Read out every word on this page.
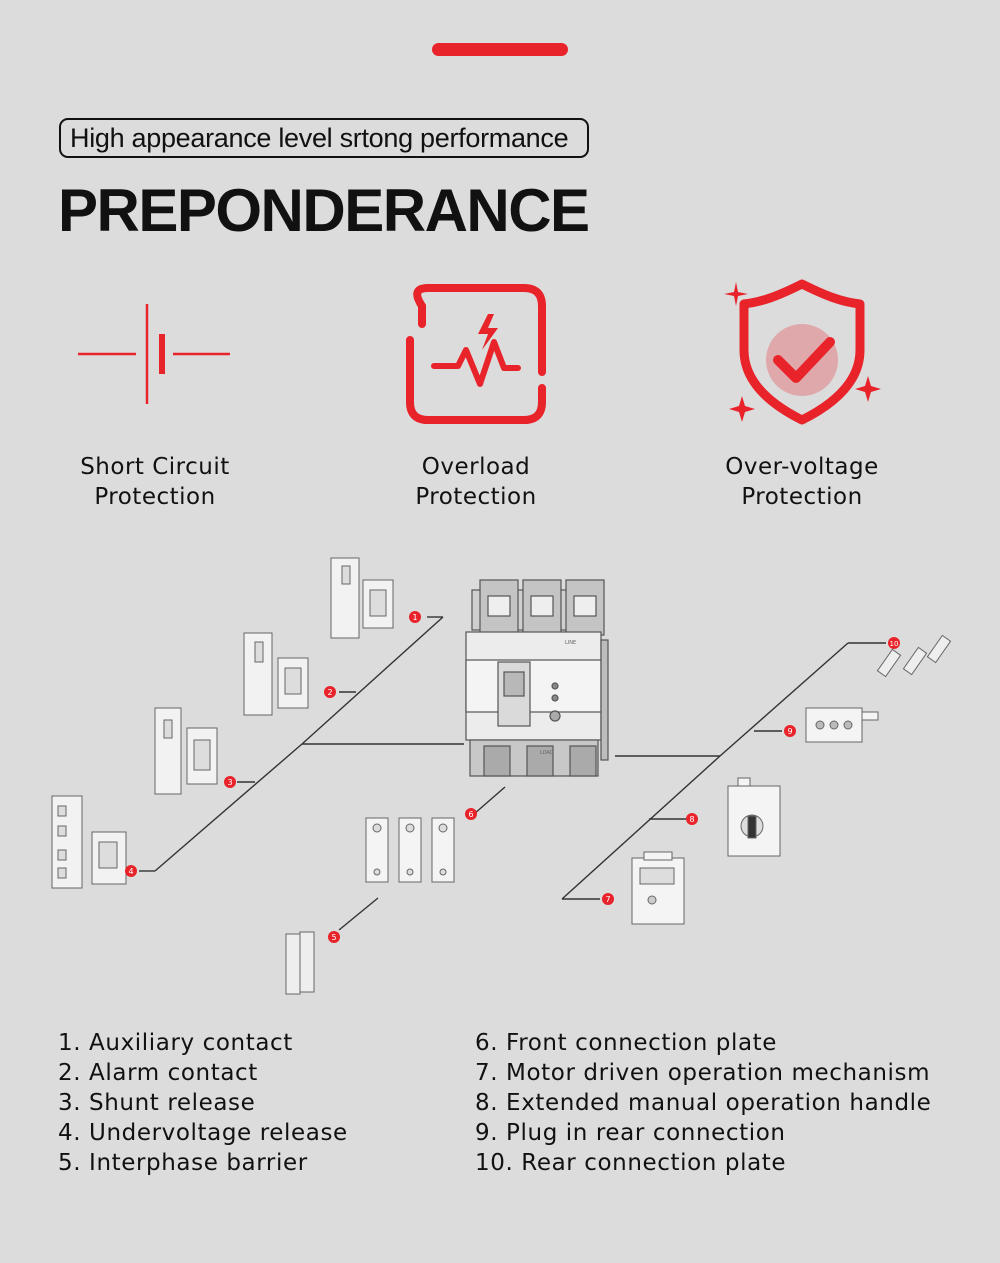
High appearance level srtong performance
PREPONDERANCE
Short Circuit
Protection
Overload
Protection
Over-voltage
Protection
LINE
LOAD
1
2
3
4
5
6
7
8
9
10
1. Auxiliary contact
2. Alarm contact
3. Shunt release
4. Undervoltage release
5. Interphase barrier
6. Front connection plate
7. Motor driven operation mechanism
8. Extended manual operation handle
9. Plug in rear connection
10. Rear connection plate
